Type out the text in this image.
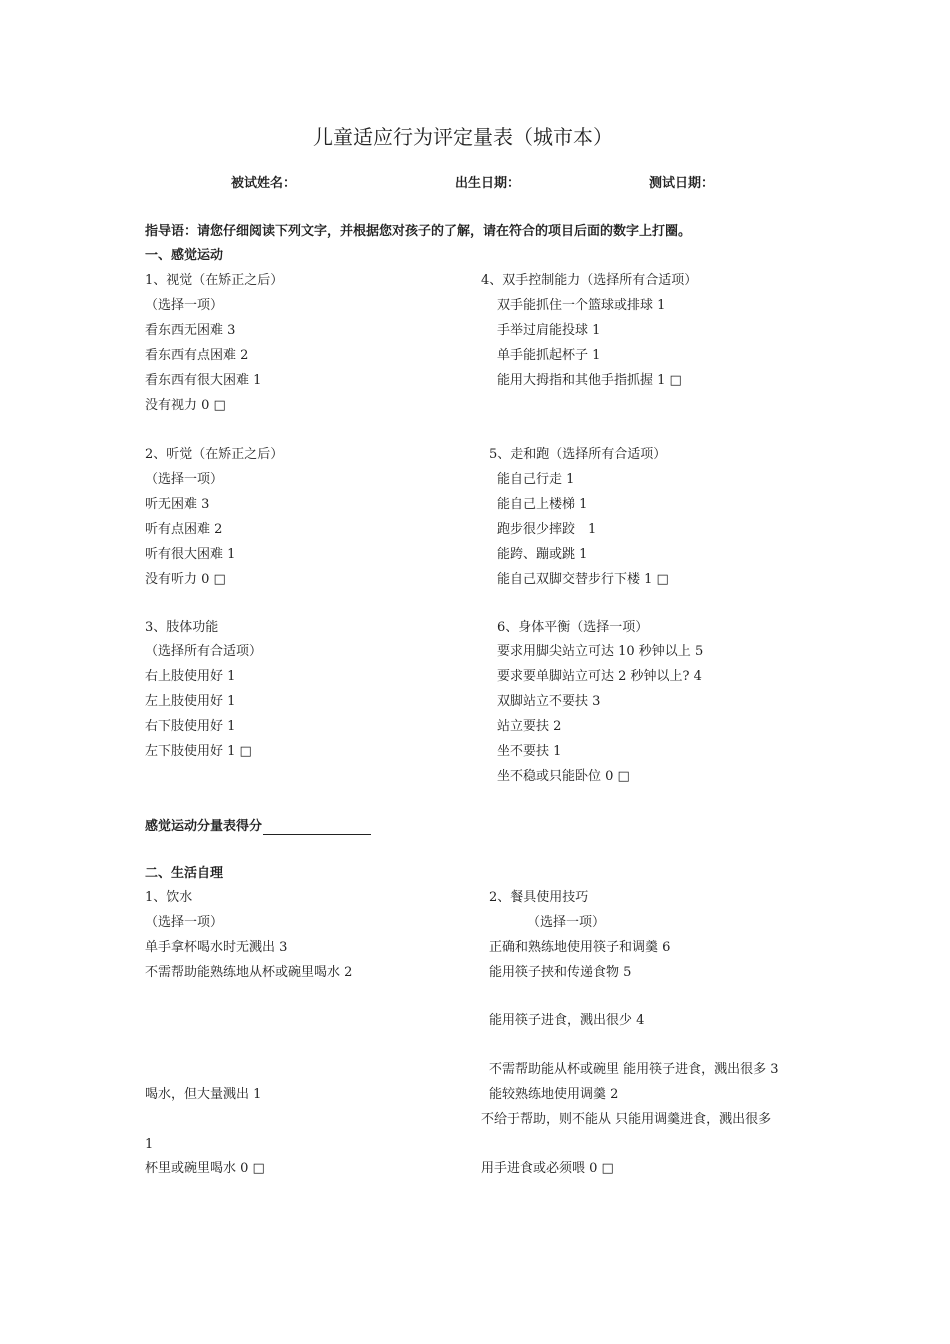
儿童适应行为评定量表（城市本）
被试姓名：	出生日期：	测试日期：
指导语：请您仔细阅读下列文字，并根据您对孩子的了解，请在符合的项目后面的数字上打圈。
一、感觉运动
1、视觉（在矫正之后）
（选择一项）
看东西无困难 3
看东西有点困难 2
看东西有很大困难 1
没有视力 0 □
2、听觉（在矫正之后）
（选择一项）
听无困难 3
听有点困难 2
听有很大困难 1
没有听力 0 □
3、肢体功能
（选择所有合适项）
右上肢使用好 1
左上肢使用好 1
右下肢使用好 1
左下肢使用好 1 □
4、双手控制能力（选择所有合适项）
双手能抓住一个篮球或排球 1
手举过肩能投球 1
单手能抓起杯子 1
能用大拇指和其他手指抓握 1 □
5、走和跑（选择所有合适项）
能自己行走 1
能自己上楼梯 1
跑步很少摔跤　1
能跨、蹦或跳 1
能自己双脚交替步行下楼 1 □
6、身体平衡（选择一项）
要求用脚尖站立可达 10 秒钟以上 5
要求要单脚站立可达 2 秒钟以上? 4
双脚站立不要扶 3
站立要扶 2
坐不要扶 1
坐不稳或只能卧位 0 □
感觉运动分量表得分
二、生活自理
1、饮水
（选择一项）
单手拿杯喝水时无溅出 3
不需帮助能熟练地从杯或碗里喝水 2
喝水，但大量溅出 1
1
杯里或碗里喝水 0 □
2、餐具使用技巧
（选择一项）
正确和熟练地使用筷子和调羹 6
能用筷子挟和传递食物 5
能用筷子进食，溅出很少 4
不需帮助能从杯或碗里 能用筷子进食，溅出很多 3
能较熟练地使用调羹 2
不给于帮助，则不能从 只能用调羹进食，溅出很多
用手进食或必须喂 0 □
